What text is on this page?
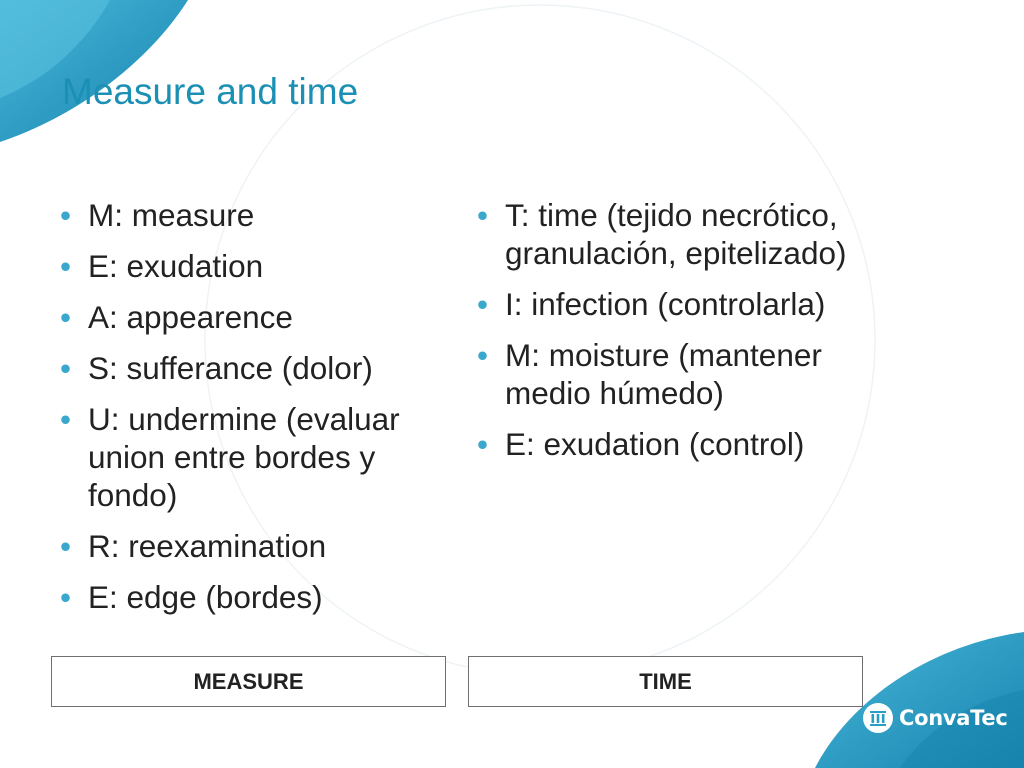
Measure and time
• M: measure
• E: exudation
• A: appearence
• S: sufferance (dolor)
• U: undermine (evaluar union entre bordes y fondo)
• R: reexamination
• E: edge (bordes)
• T: time (tejido necrótico, granulación, epitelizado)
• I: infection (controlarla)
• M: moisture (mantener medio húmedo)
• E: exudation (control)
MEASURE	TIME
ConvaTec
